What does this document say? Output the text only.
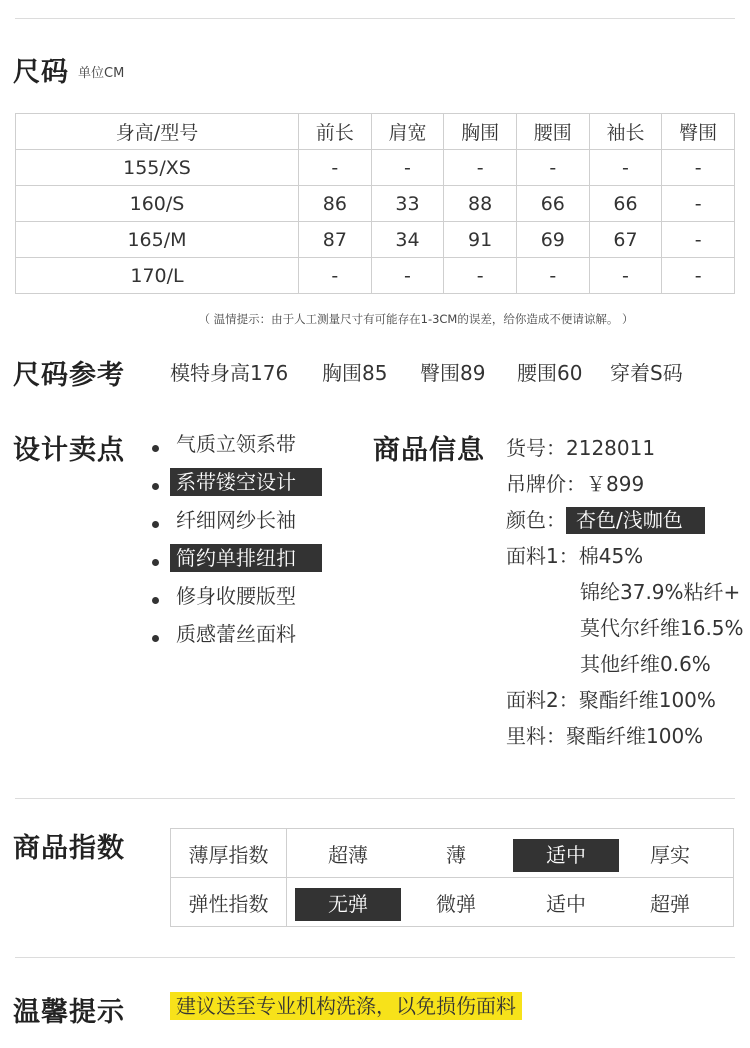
尺码 单位CM
身高/型号	前长	肩宽	胸围	腰围	袖长	臀围
155/XS	-	-	-	-	-	-
160/S	86	33	88	66	66	-
165/M	87	34	91	69	67	-
170/L	-	-	-	-	-	-
（ 温情提示：由于人工测量尺寸有可能存在1-3CM的误差，给你造成不便请谅解。 ）
尺码参考 模特身高176 胸围85 臀围89 腰围60 穿着S码
设计卖点	气质立领系带
系带镂空设计
纤细网纱长袖
简约单排纽扣
修身收腰版型
质感蕾丝面料
商品信息 货号：2128011
吊牌价：￥899
颜色： 杏色/浅咖色
面料1：棉45%
锦纶37.9%粘纤+
莫代尔纤维16.5%
其他纤维0.6%
面料2：聚酯纤维100%
里料：聚酯纤维100%
商品指数	薄厚指数	超薄 薄 适中 厚实

弹性指数	无弹 微弹 适中 超弹
温馨提示	建议送至专业机构洗涤，以免损伤面料
